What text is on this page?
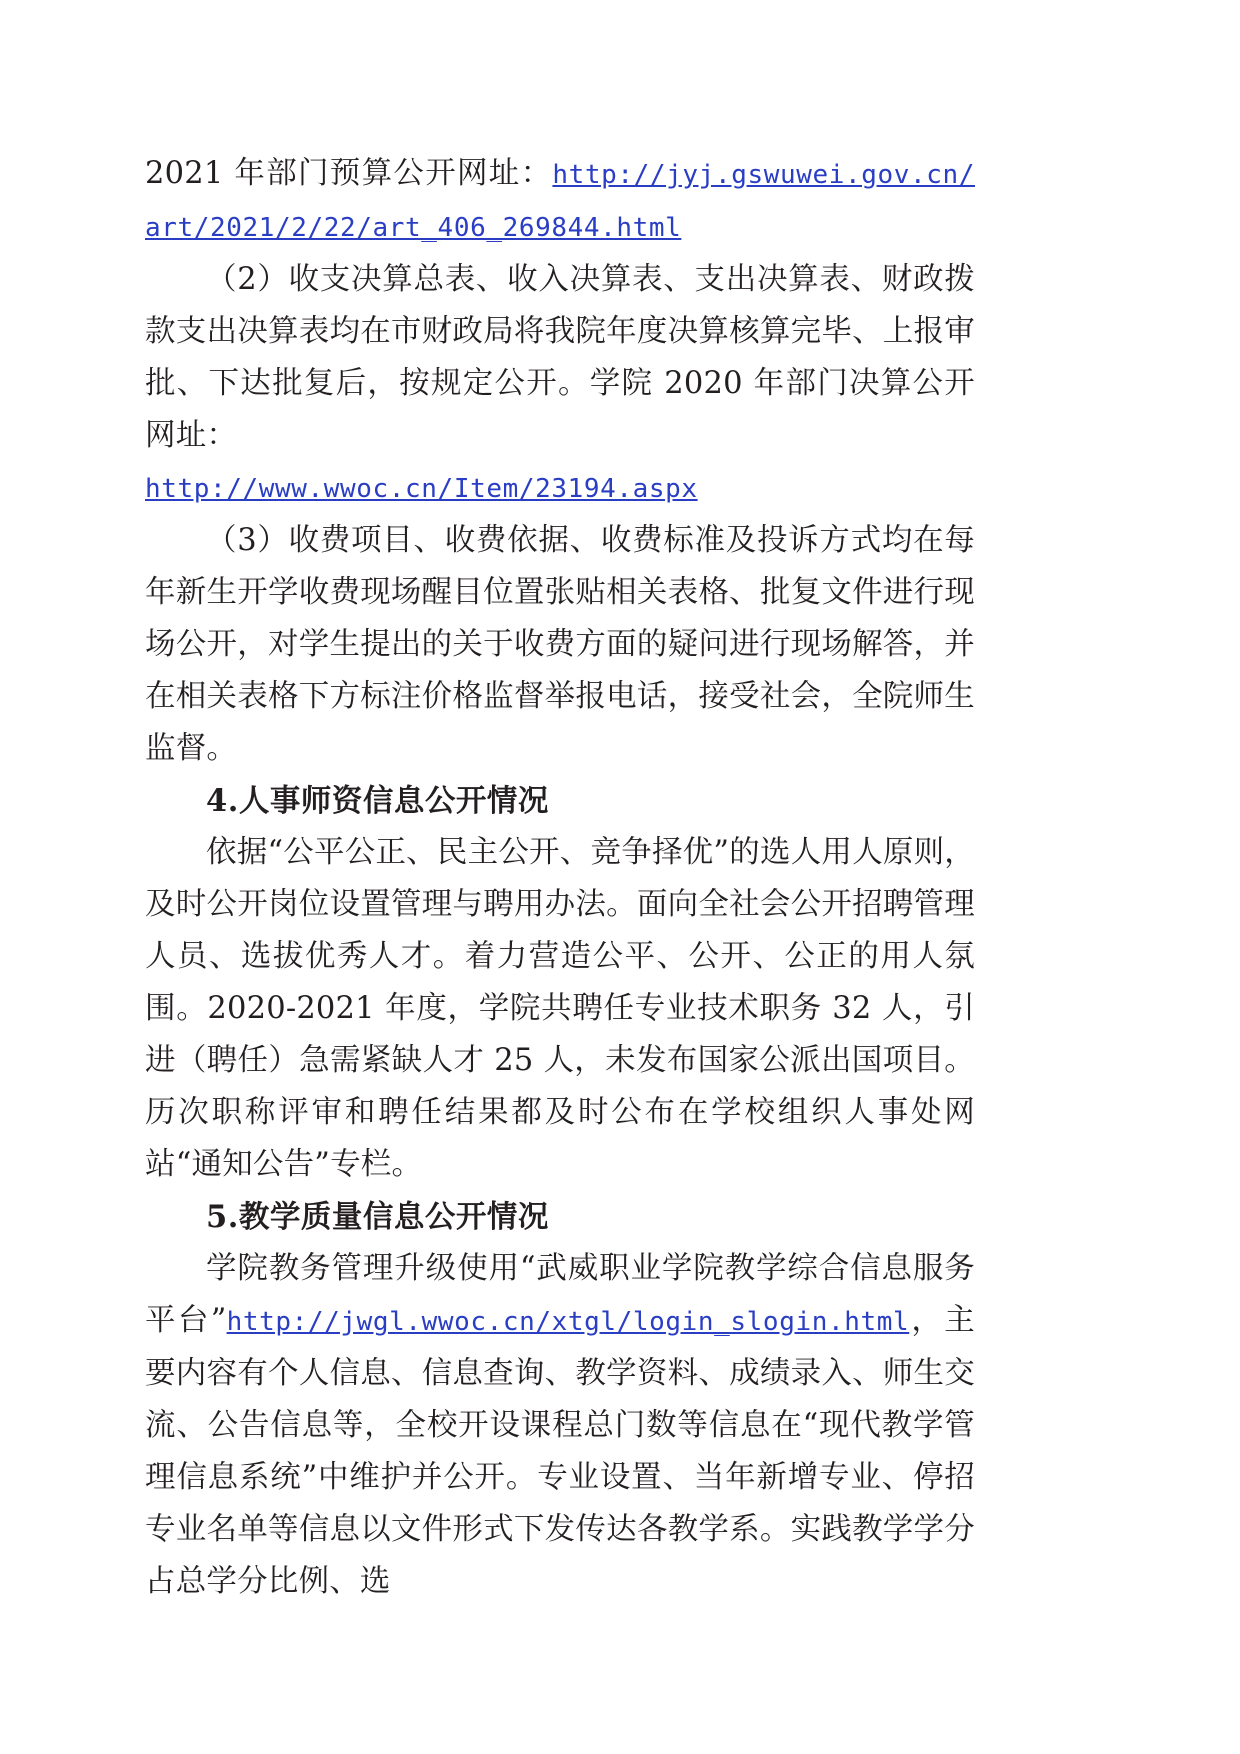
2021 年部门预算公开网址：http://jyj.gswuwei.gov.cn/art/2021/2/22/art_406_269844.html

（2）收支决算总表、收入决算表、支出决算表、财政拨款支出决算表均在市财政局将我院年度决算核算完毕、上报审批、下达批复后，按规定公开。学院 2020 年部门决算公开网址：

http://www.wwoc.cn/Item/23194.aspx

（3）收费项目、收费依据、收费标准及投诉方式均在每年新生开学收费现场醒目位置张贴相关表格、批复文件进行现场公开，对学生提出的关于收费方面的疑问进行现场解答，并在相关表格下方标注价格监督举报电话，接受社会，全院师生监督。

4.人事师资信息公开情况

依据“公平公正、民主公开、竞争择优”的选人用人原则，及时公开岗位设置管理与聘用办法。面向全社会公开招聘管理人员、选拔优秀人才。着力营造公平、公开、公正的用人氛围。2020-2021 年度，学院共聘任专业技术职务 32 人，引进（聘任）急需紧缺人才 25 人，未发布国家公派出国项目。历次职称评审和聘任结果都及时公布在学校组织人事处网站“通知公告”专栏。

5.教学质量信息公开情况

学院教务管理升级使用“武威职业学院教学综合信息服务平台”http://jwgl.wwoc.cn/xtgl/login_slogin.html，主要内容有个人信息、信息查询、教学资料、成绩录入、师生交流、公告信息等，全校开设课程总门数等信息在“现代教学管理信息系统”中维护并公开。专业设置、当年新增专业、停招专业名单等信息以文件形式下发传达各教学系。实践教学学分占总学分比例、选
